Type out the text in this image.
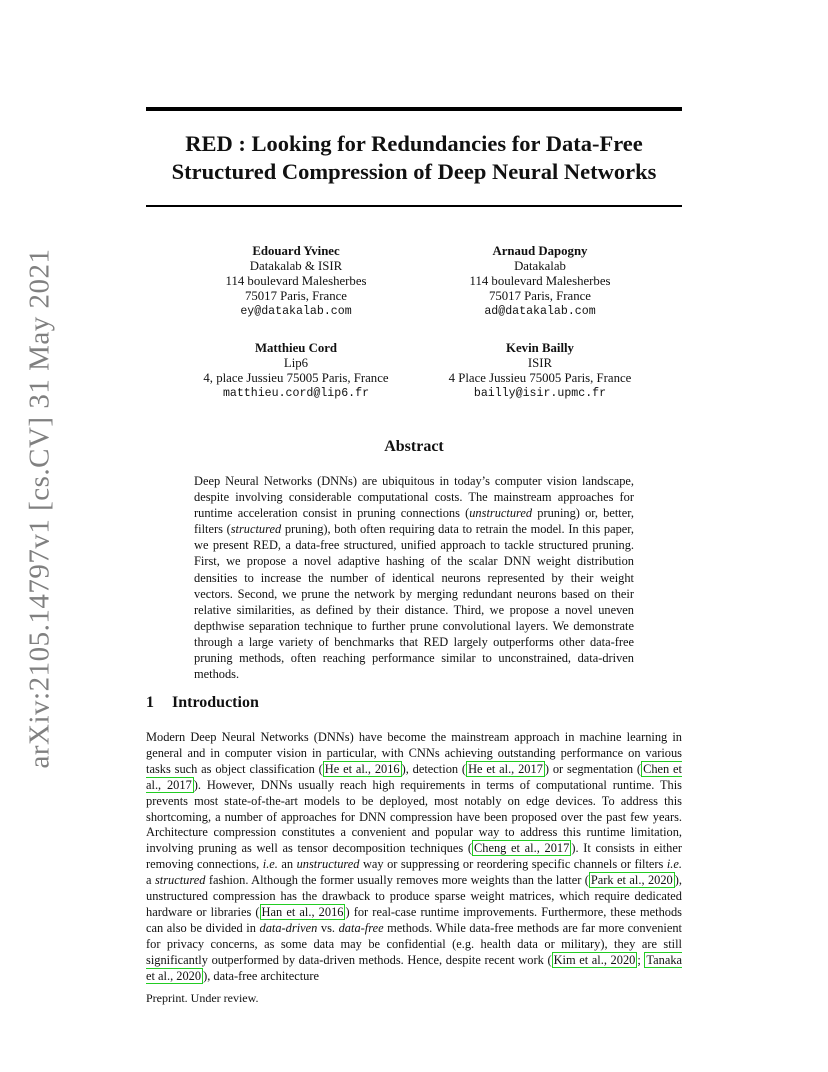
arXiv:2105.14797v1 [cs.CV] 31 May 2021
RED : Looking for Redundancies for Data-Free
Structured Compression of Deep Neural Networks
Edouard Yvinec
Datakalab & ISIR
114 boulevard Malesherbes
75017 Paris, France
ey@datakalab.com
Arnaud Dapogny
Datakalab
114 boulevard Malesherbes
75017 Paris, France
ad@datakalab.com
Matthieu Cord
Lip6
4, place Jussieu 75005 Paris, France
matthieu.cord@lip6.fr
Kevin Bailly
ISIR
4 Place Jussieu 75005 Paris, France
bailly@isir.upmc.fr
Abstract
Deep Neural Networks (DNNs) are ubiquitous in today’s computer vision landscape, despite involving considerable computational costs. The mainstream approaches for runtime acceleration consist in pruning connections (unstructured pruning) or, better, filters (structured pruning), both often requiring data to retrain the model. In this paper, we present RED, a data-free structured, unified approach to tackle structured pruning. First, we propose a novel adaptive hashing of the scalar DNN weight distribution densities to increase the number of identical neurons represented by their weight vectors. Second, we prune the network by merging redundant neurons based on their relative similarities, as defined by their distance. Third, we propose a novel uneven depthwise separation technique to further prune convolutional layers. We demonstrate through a large variety of benchmarks that RED largely outperforms other data-free pruning methods, often reaching performance similar to unconstrained, data-driven methods.
1 Introduction
Modern Deep Neural Networks (DNNs) have become the mainstream approach in machine learning in general and in computer vision in particular, with CNNs achieving outstanding performance on various tasks such as object classification ( He et al., 2016 ), detection ( He et al., 2017 ) or segmentation ( Chen et al., 2017 ). However, DNNs usually reach high requirements in terms of computational runtime. This prevents most state-of-the-art models to be deployed, most notably on edge devices. To address this shortcoming, a number of approaches for DNN compression have been proposed over the past few years. Architecture compression constitutes a convenient and popular way to address this runtime limitation, involving pruning as well as tensor decomposition techniques ( Cheng et al., 2017 ). It consists in either removing connections, i.e. an unstructured way or suppressing or reordering specific channels or filters i.e. a structured fashion. Although the former usually removes more weights than the latter ( Park et al., 2020 ), unstructured compression has the drawback to produce sparse weight matrices, which require dedicated hardware or libraries ( Han et al., 2016 ) for real-case runtime improvements. Furthermore, these methods can also be divided in data-driven vs. data-free methods. While data-free methods are far more convenient for privacy concerns, as some data may be confidential (e.g. health data or military), they are still significantly outperformed by data-driven methods. Hence, despite recent work ( Kim et al., 2020 ; Tanaka et al., 2020 ), data-free architecture
Preprint. Under review.
